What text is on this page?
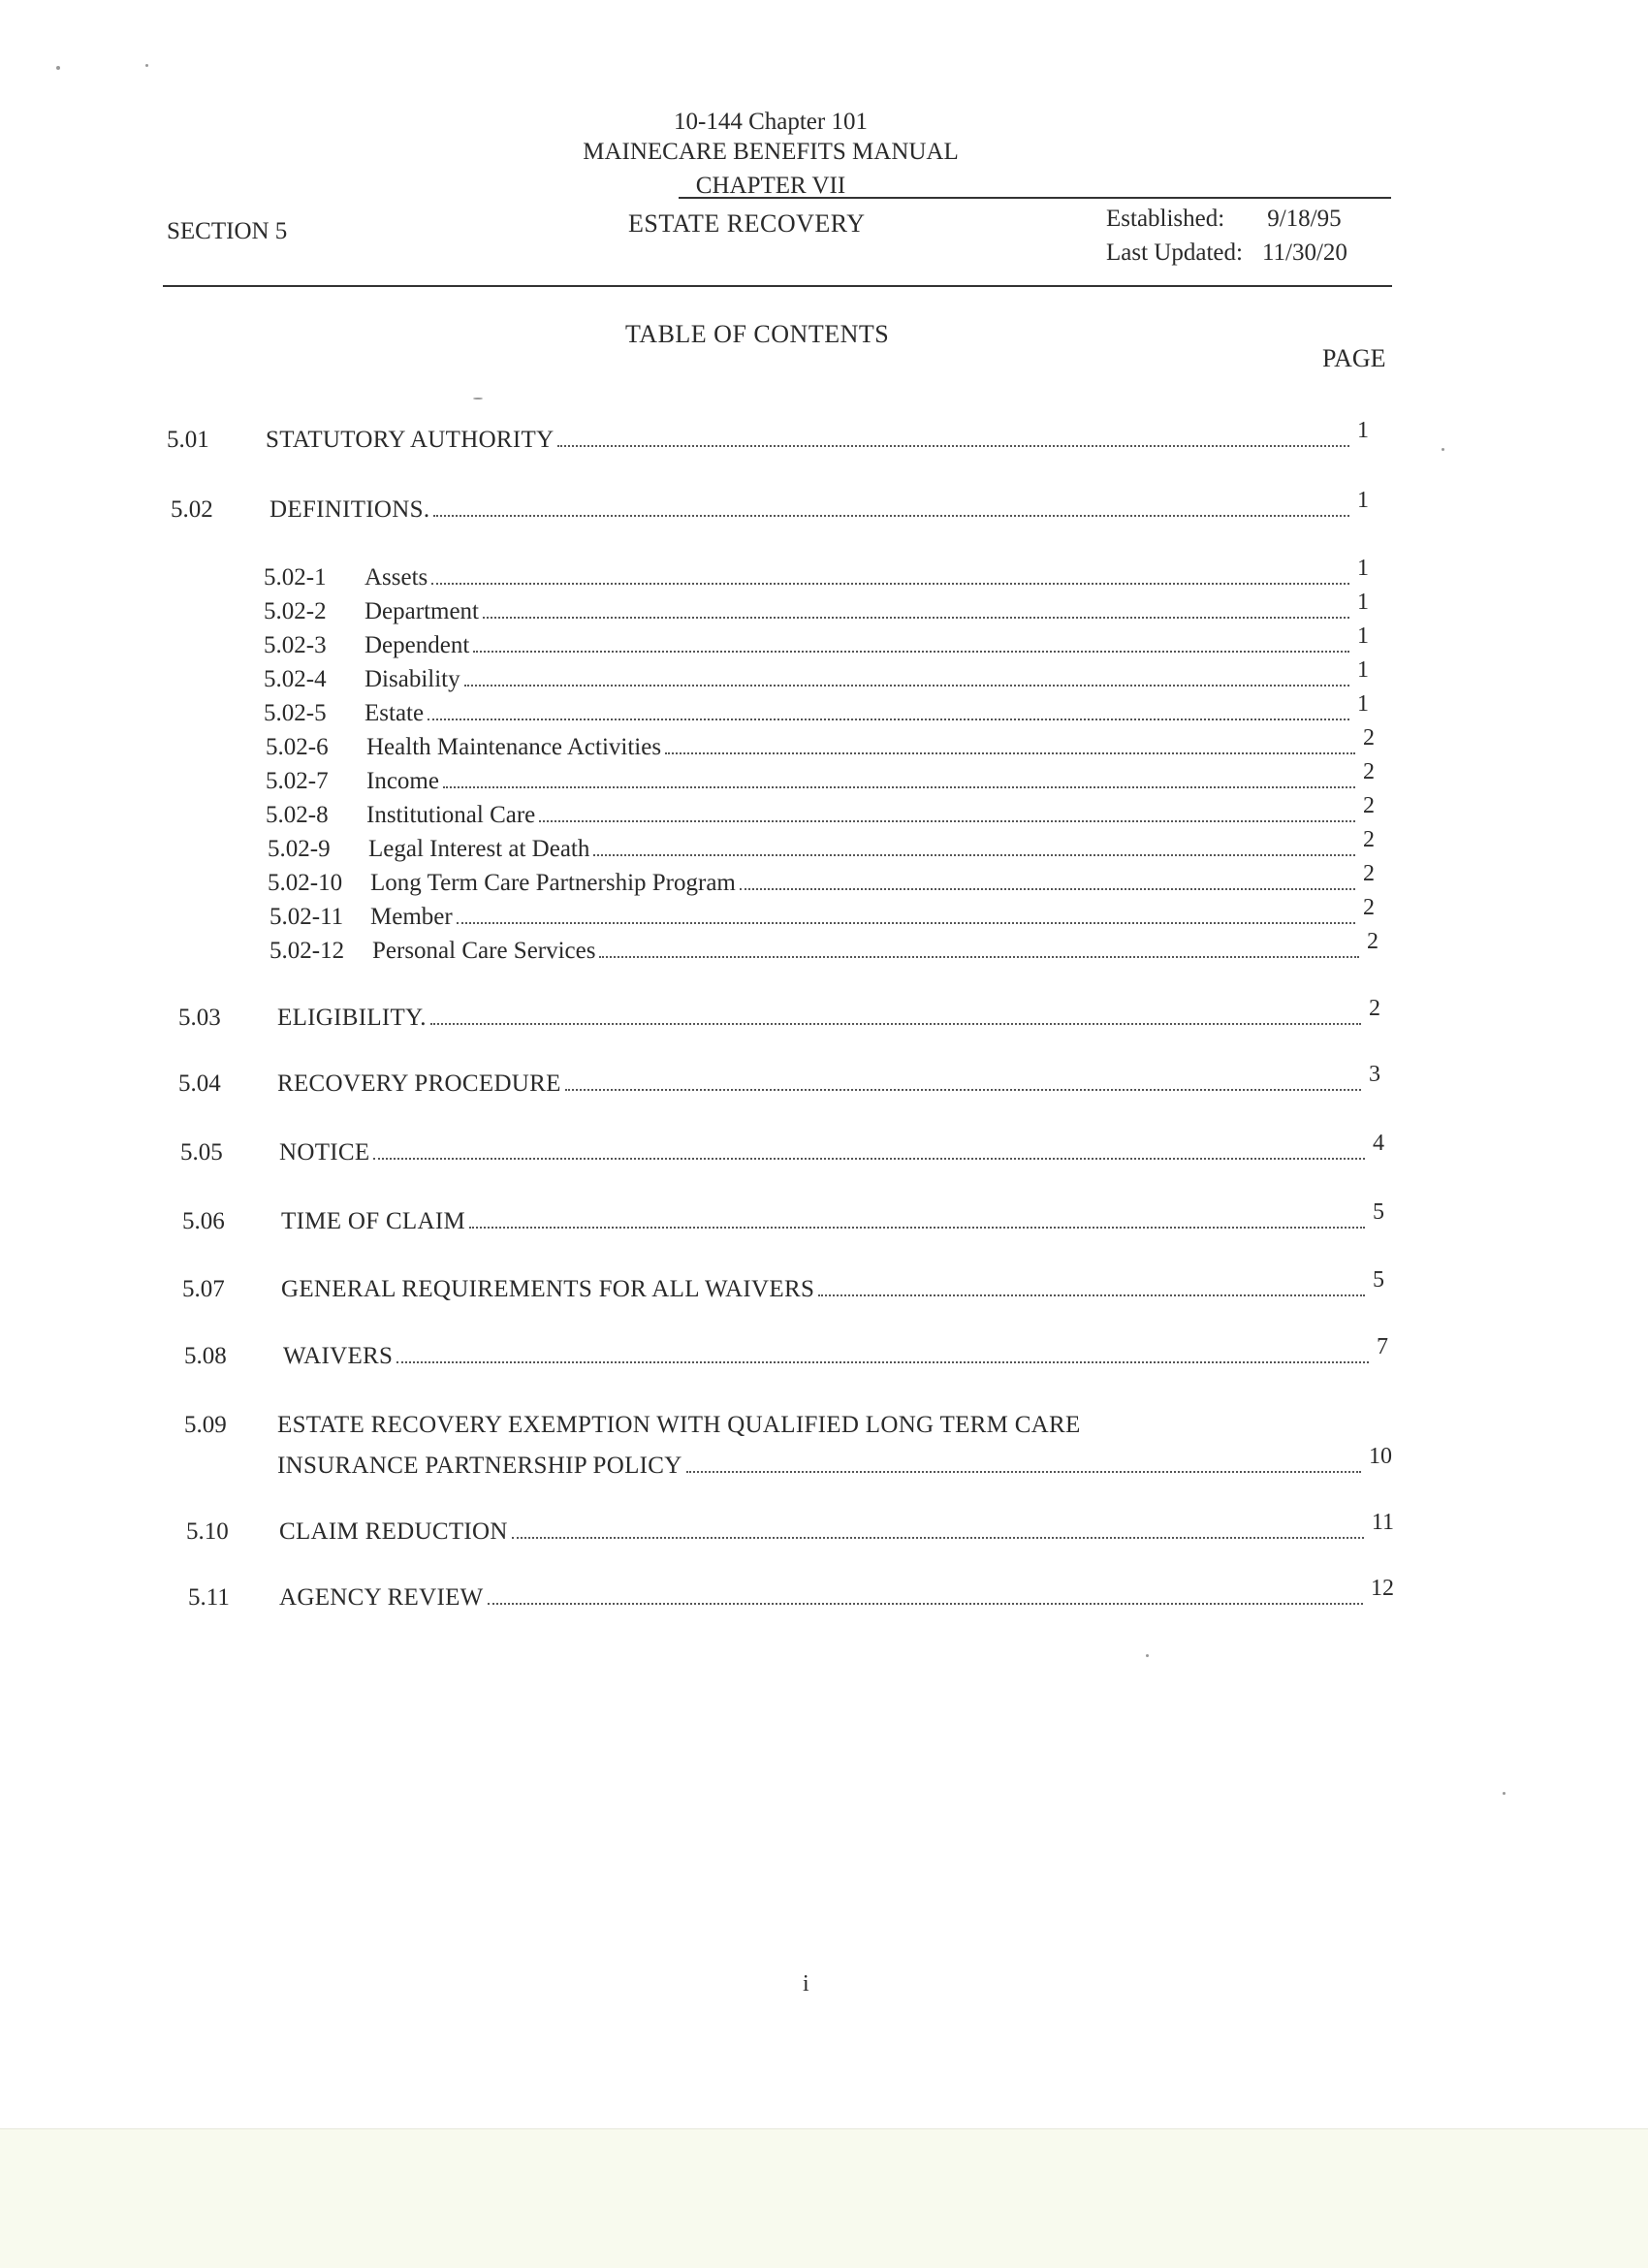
10-144 Chapter 101
MAINECARE BENEFITS MANUAL
CHAPTER VII
SECTION 5	ESTATE RECOVERY	Established: 9/18/95
Last Updated: 11/30/20
TABLE OF CONTENTS
PAGE
5.01	STATUTORY AUTHORITY	1
5.02	DEFINITIONS.	1
5.02-1	Assets	1
5.02-2	Department	1
5.02-3	Dependent	1
5.02-4	Disability	1
5.02-5	Estate	1
5.02-6	Health Maintenance Activities	2
5.02-7	Income	2
5.02-8	Institutional Care	2
5.02-9	Legal Interest at Death	2
5.02-10	Long Term Care Partnership Program	2
5.02-11	Member	2
5.02-12	Personal Care Services	2
5.03	ELIGIBILITY.	2
5.04	RECOVERY PROCEDURE	3
5.05	NOTICE	4
5.06	TIME OF CLAIM	5
5.07	GENERAL REQUIREMENTS FOR ALL WAIVERS	5
5.08	WAIVERS	7
5.09	ESTATE RECOVERY EXEMPTION WITH QUALIFIED LONG TERM CARE
INSURANCE PARTNERSHIP POLICY	10
5.10	CLAIM REDUCTION	11
5.11	AGENCY REVIEW	12
i
